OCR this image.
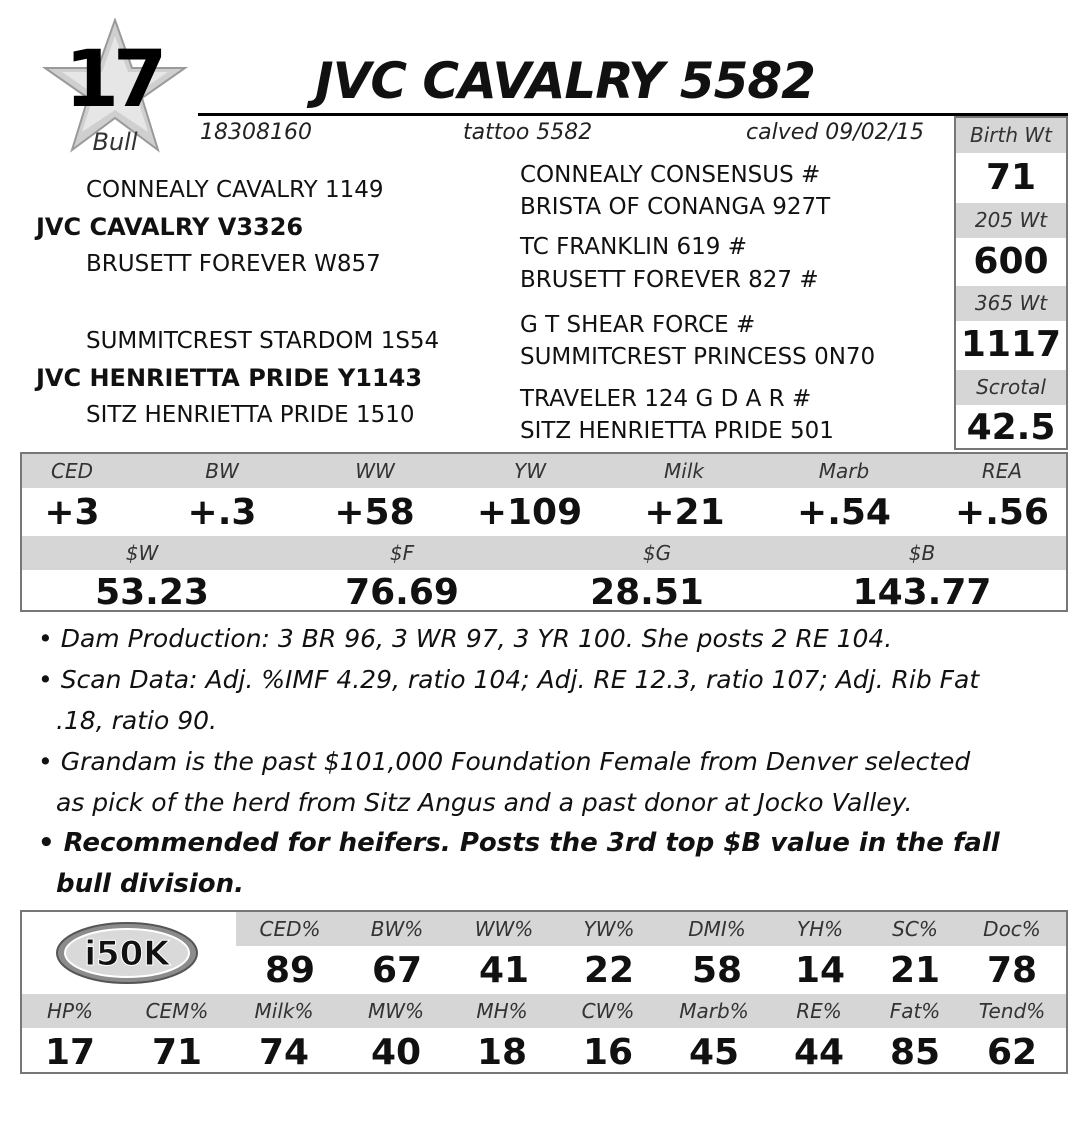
17
Bull
JVC CAVALRY 5582
18308160	tattoo 5582	calved 09/02/15
CONNEALY CAVALRY 1149
JVC CAVALRY V3326
BRUSETT FOREVER W857
SUMMITCREST STARDOM 1S54
JVC HENRIETTA PRIDE Y1143
SITZ HENRIETTA PRIDE 1510
CONNEALY CONSENSUS #
BRISTA OF CONANGA 927T
TC FRANKLIN 619 #
BRUSETT FOREVER 827 #
G T SHEAR FORCE #
SUMMITCREST PRINCESS 0N70
TRAVELER 124 G D A R #
SITZ HENRIETTA PRIDE 501
Birth Wt
71
205 Wt
600
365 Wt
1117
Scrotal
42.5
CED	BW	WW	YW	Milk	Marb	REA
+3	+.3	+58	+109	+21	+.54	+.56
$W	$F	$G	$B
53.23	76.69	28.51	143.77
• Dam Production: 3 BR 96, 3 WR 97, 3 YR 100. She posts 2 RE 104.
• Scan Data: Adj. %IMF 4.29, ratio 104; Adj. RE 12.3, ratio 107; Adj. Rib Fat
.18, ratio 90.
• Grandam is the past $101,000 Foundation Female from Denver selected
as pick of the herd from Sitz Angus and a past donor at Jocko Valley.
• Recommended for heifers. Posts the 3rd top $B value in the fall
bull division.
i50K
CED%	BW%	WW%	YW%	DMI%	YH%	SC%	Doc%
89	67	41	22	58	14	21	78
HP%	CEM%	Milk%	MW%	MH%	CW%	Marb%	RE%	Fat%	Tend%
17	71	74	40	18	16	45	44	85	62
